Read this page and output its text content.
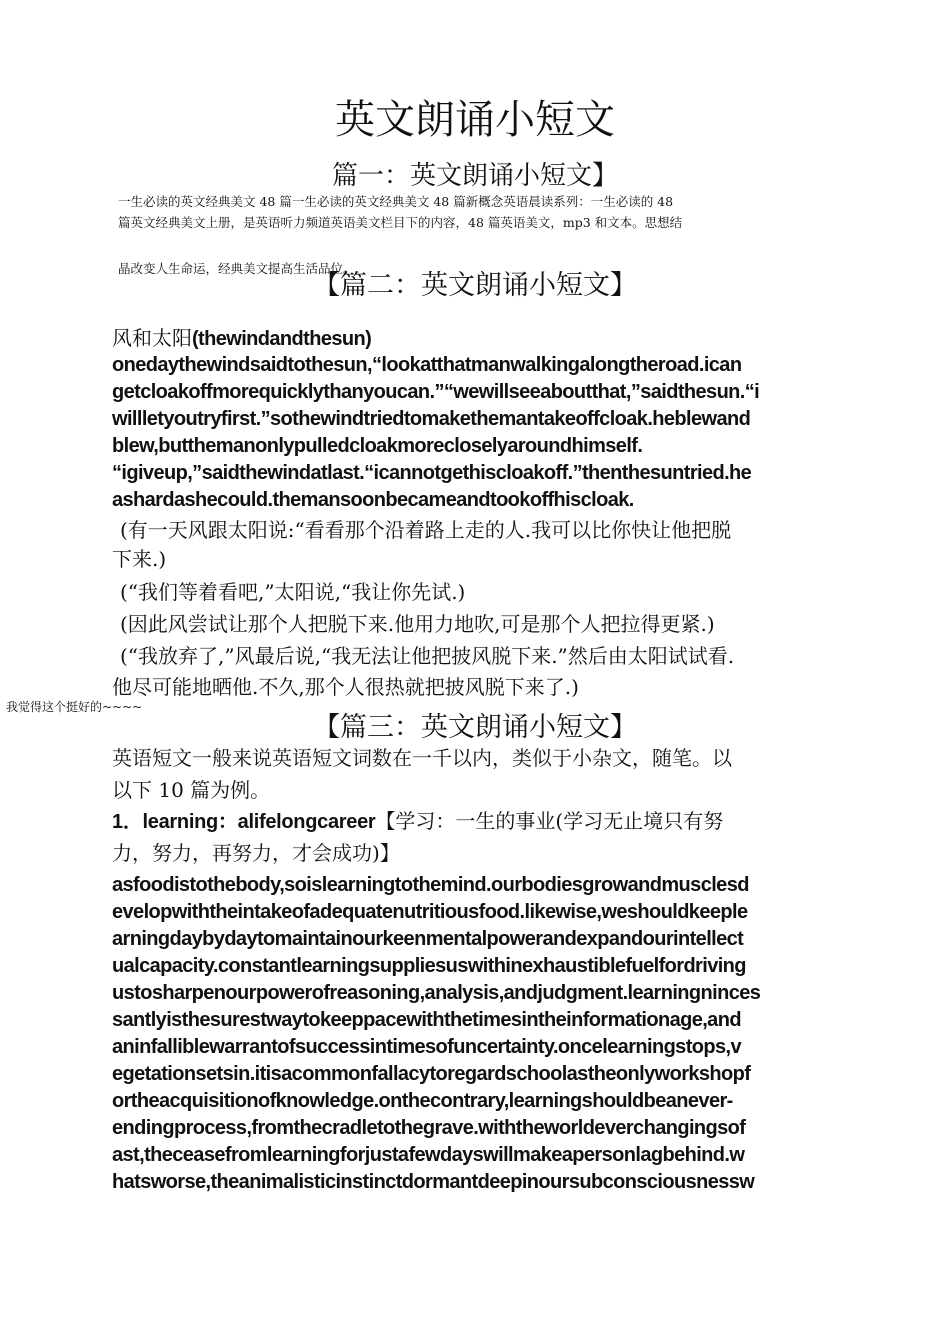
英文朗诵小短文
篇一：英文朗诵小短文】
一生必读的英文经典美文 48 篇一生必读的英文经典美文 48 篇新概念英语晨读系列：一生必读的 48
篇英文经典美文上册，是英语听力频道英语美文栏目下的内容，48 篇英语美文，mp3 和文本。思想结
晶改变人生命运，经典美文提高生活品位。
【篇二：英文朗诵小短文】
风和太阳(thewindandthesun)
onedaythewindsaidtothesun,“lookatthatmanwalkingalongtheroad.ican
getcloakoffmorequicklythanyoucan.”“wewillseeaboutthat,”saidthesun.“i
willletyoutryfirst.”sothewindtriedtomakethemantakeoffcloak.heblewand
blew,butthemanonlypulledcloakmorecloselyaroundhimself.
“igiveup,”saidthewindatlast.“icannotgethiscloakoff.”thenthesuntried.he
ashardashecould.themansoonbecameandtookoffhiscloak.
(有一天风跟太阳说:“看看那个沿着路上走的人.我可以比你快让他把脱
下来.)
(“我们等着看吧,”太阳说,“我让你先试.)
(因此风尝试让那个人把脱下来.他用力地吹,可是那个人把拉得更紧.)
(“我放弃了,”风最后说,“我无法让他把披风脱下来.”然后由太阳试试看.
他尽可能地晒他.不久,那个人很热就把披风脱下来了.)
我觉得这个挺好的~~~~
【篇三：英文朗诵小短文】
英语短文一般来说英语短文词数在一千以内，类似于小杂文，随笔。以
以下 10 篇为例。
1．learning：alifelongcareer【学习：一生的事业(学习无止境只有努
力，努力，再努力，才会成功)】
asfoodistothebody,soislearningtothemind.ourbodiesgrowandmusclesd
evelopwiththeintakeofadequatenutritiousfood.likewise,weshouldkeeple
arningdaybydaytomaintainourkeenmentalpowerandexpandourintellect
ualcapacity.constantlearningsuppliesuswithinexhaustiblefuelfordriving
ustosharpenourpowerofreasoning,analysis,andjudgment.learningninces
santlyisthesurestwaytokeeppacewiththetimesintheinformationage,and
aninfalliblewarrantofsuccessintimesofuncertainty.oncelearningstops,v
egetationsetsin.itisacommonfallacytoregardschoolastheonlyworkshopf
ortheacquisitionofknowledge.onthecontrary,learningshouldbeanever-
endingprocess,fromthecradletothegrave.withtheworldeverchangingsof
ast,theceasefromlearningforjustafewdayswillmakeapersonlagbehind.w
hatsworse,theanimalisticinstinctdormantdeepinoursubconsciousnessw
